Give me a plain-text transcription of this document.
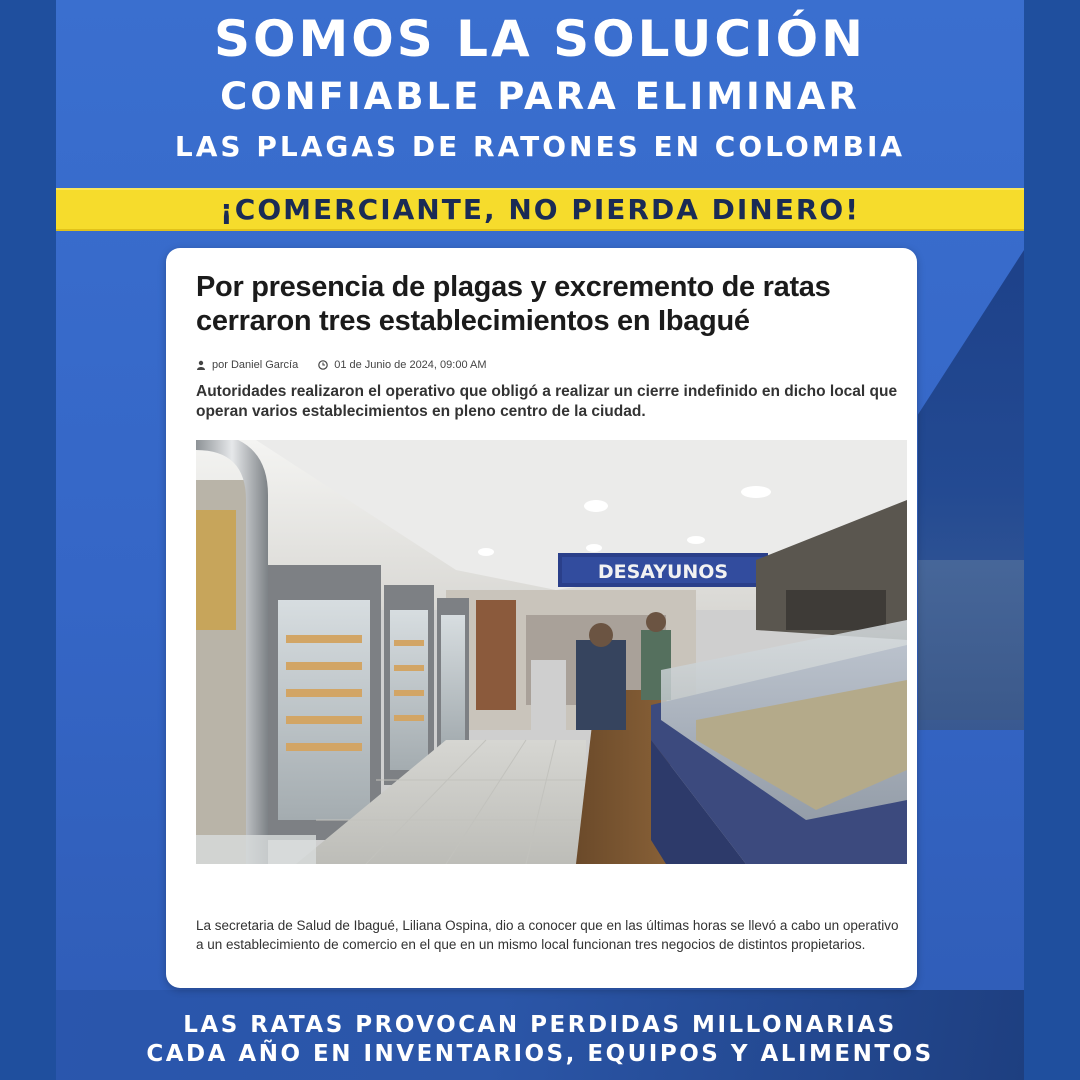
SOMOS LA SOLUCIÓN
CONFIABLE PARA ELIMINAR
LAS PLAGAS DE RATONES EN COLOMBIA
¡COMERCIANTE, NO PIERDA DINERO!
Por presencia de plagas y excremento de ratas cerraron tres establecimientos en Ibagué
por Daniel García	01 de Junio de 2024, 09:00 AM
Autoridades realizaron el operativo que obligó a realizar un cierre indefinido en dicho local que operan varios establecimientos en pleno centro de la ciudad.
DESAYUNOS
La secretaria de Salud de Ibagué, Liliana Ospina, dio a conocer que en las últimas horas se llevó a cabo un operativo a un establecimiento de comercio en el que en un mismo local funcionan tres negocios de distintos propietarios.
LAS RATAS PROVOCAN PERDIDAS MILLONARIAS
CADA AÑO EN INVENTARIOS, EQUIPOS Y ALIMENTOS
